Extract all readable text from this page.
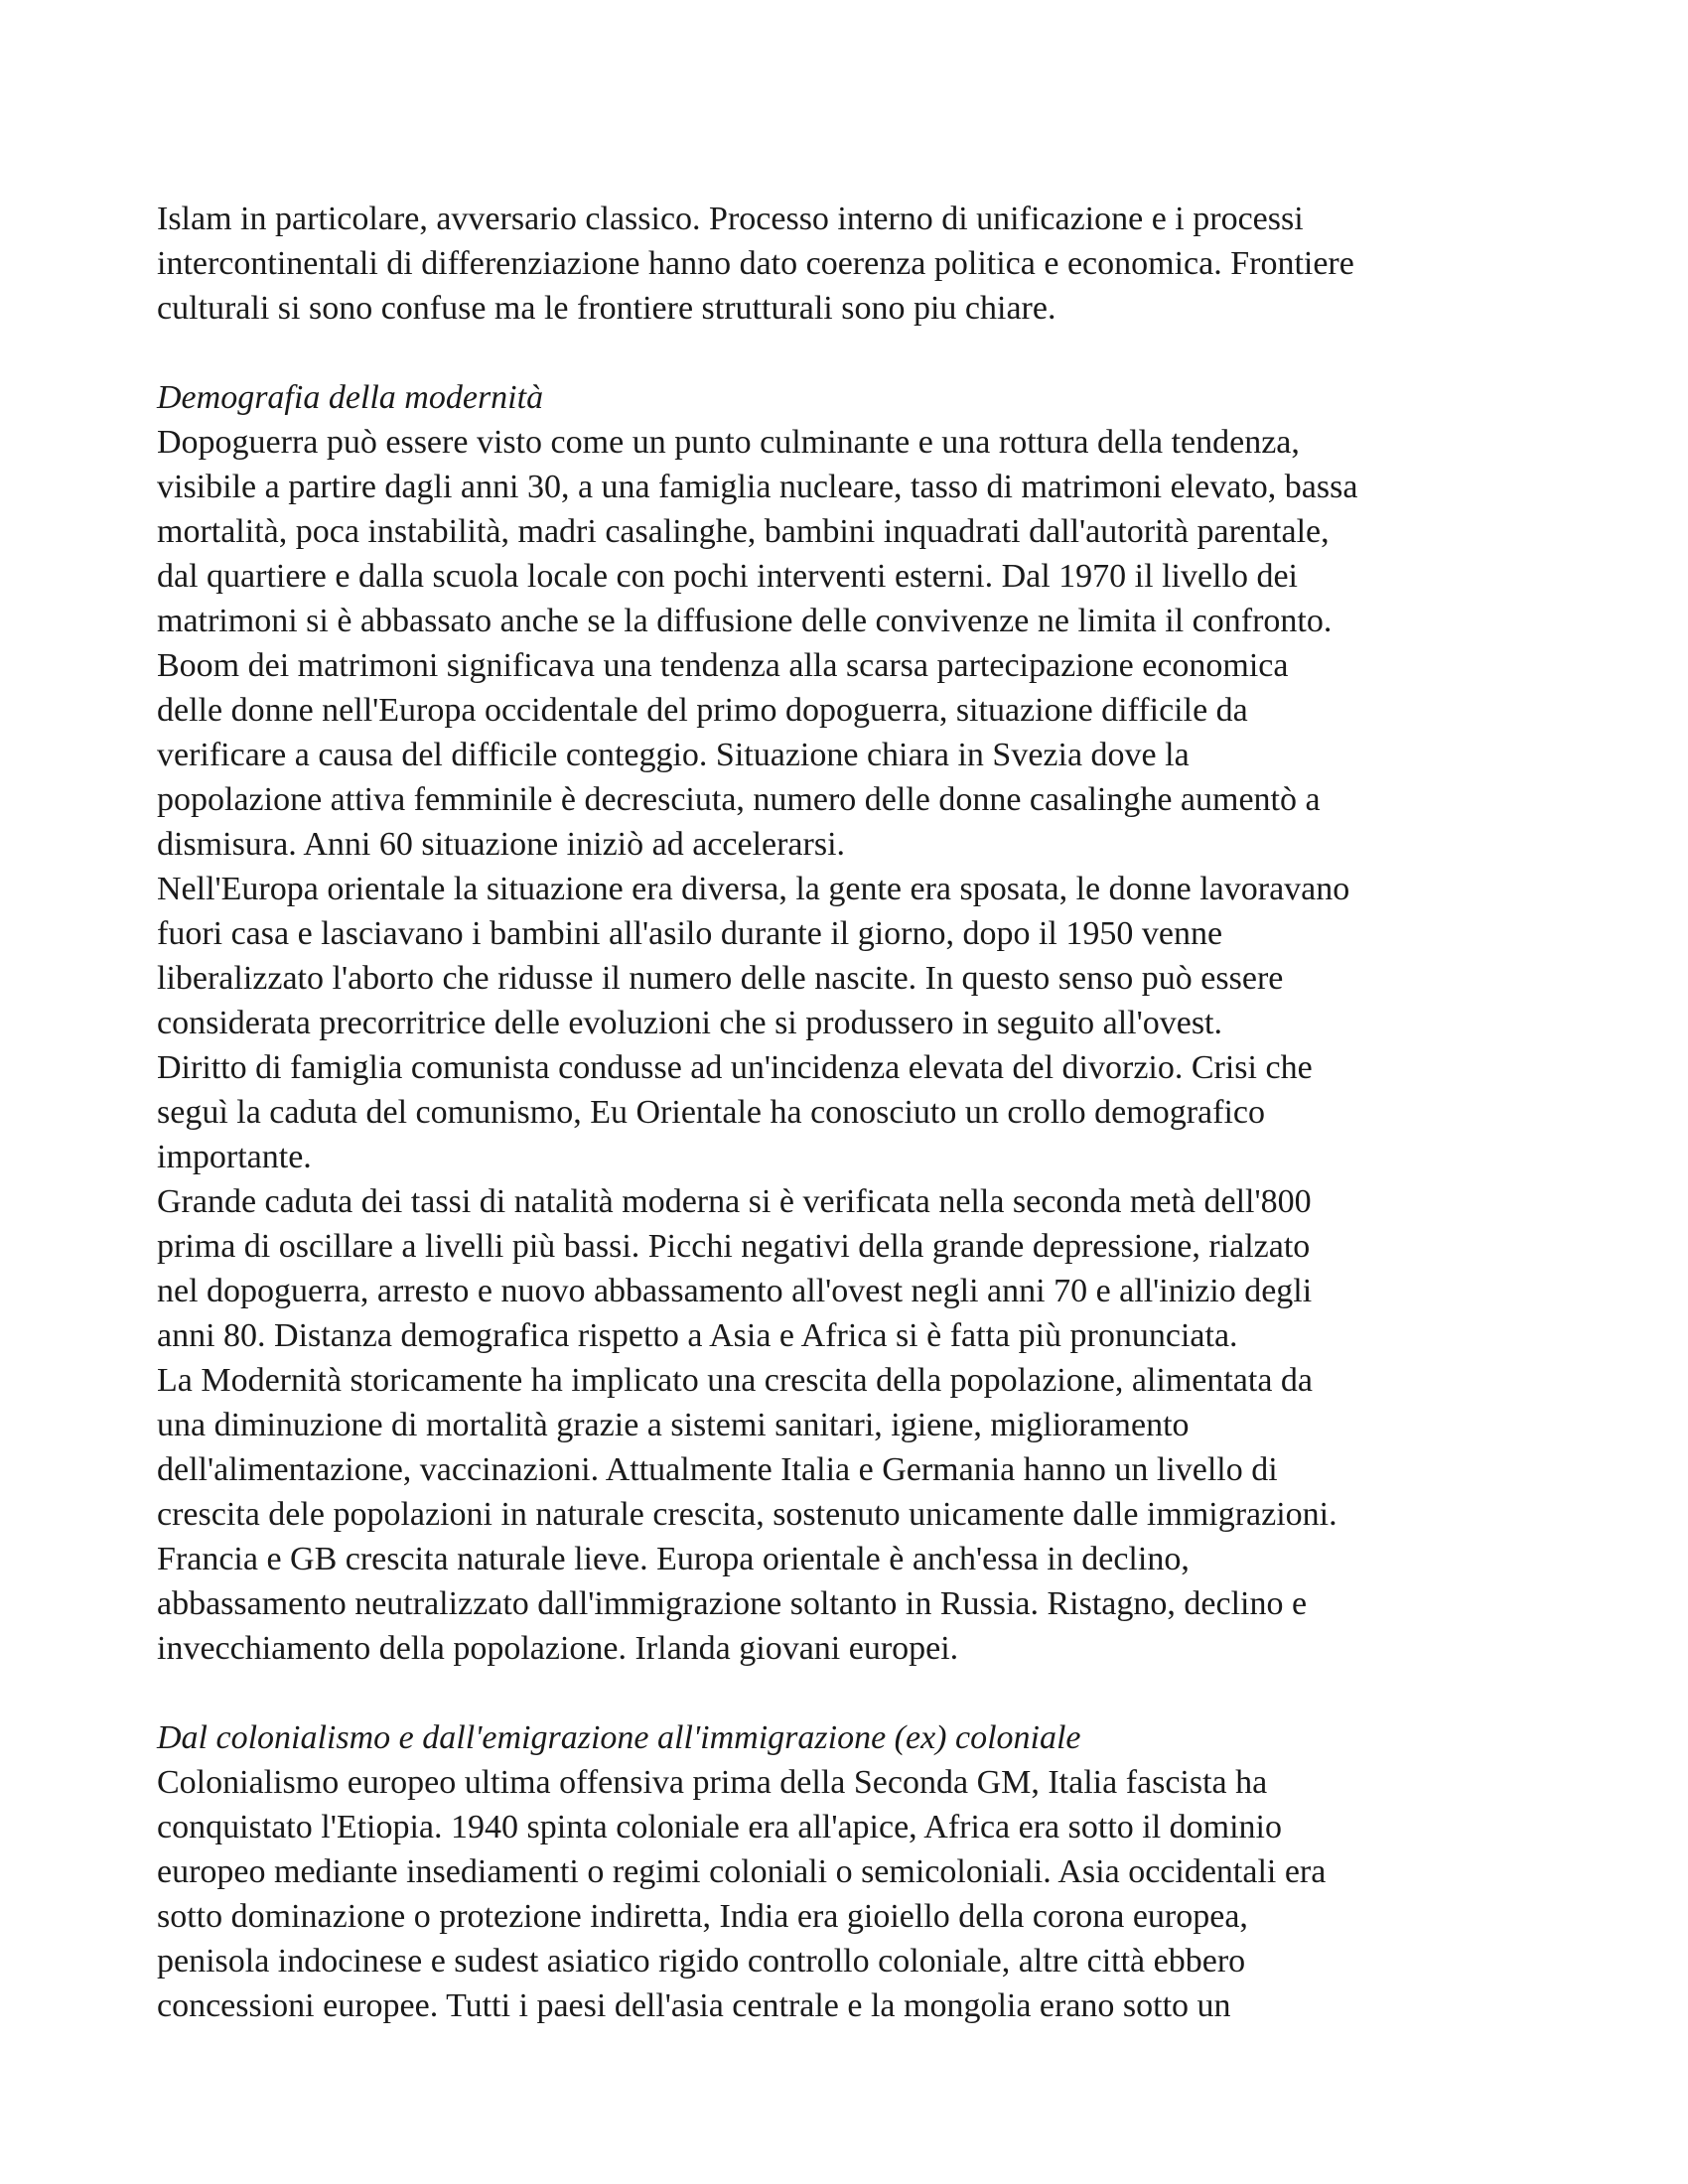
Islam in particolare, avversario classico. Processo interno di unificazione e i processi

intercontinentali di differenziazione hanno dato coerenza politica e economica. Frontiere

culturali si sono confuse ma le frontiere strutturali sono piu chiare.

Demografia della modernità

Dopoguerra può essere visto come un punto culminante e una rottura della tendenza,

visibile a partire dagli anni 30, a una famiglia nucleare, tasso di matrimoni elevato, bassa

mortalità, poca instabilità, madri casalinghe, bambini inquadrati dall'autorità parentale,

dal quartiere e dalla scuola locale con pochi interventi esterni. Dal 1970 il livello dei

matrimoni si è abbassato anche se la diffusione delle convivenze ne limita il confronto.

Boom dei matrimoni significava una tendenza alla scarsa partecipazione economica

delle donne nell'Europa occidentale del primo dopoguerra, situazione difficile da

verificare a causa del difficile conteggio. Situazione chiara in Svezia dove la

popolazione attiva femminile è decresciuta, numero delle donne casalinghe aumentò a

dismisura. Anni 60 situazione iniziò ad accelerarsi.

Nell'Europa orientale la situazione era diversa, la gente era sposata, le donne lavoravano

fuori casa e lasciavano i bambini all'asilo durante il giorno, dopo il 1950 venne

liberalizzato l'aborto che ridusse il numero delle nascite. In questo senso può essere

considerata precorritrice delle evoluzioni che si produssero in seguito all'ovest.

Diritto di famiglia comunista condusse ad un'incidenza elevata del divorzio. Crisi che

seguì la caduta del comunismo, Eu Orientale ha conosciuto un crollo demografico

importante.

Grande caduta dei tassi di natalità moderna si è verificata nella seconda metà dell'800

prima di oscillare a livelli più bassi. Picchi negativi della grande depressione, rialzato

nel dopoguerra, arresto e nuovo abbassamento all'ovest negli anni 70 e all'inizio degli

anni 80. Distanza demografica rispetto a Asia e Africa si è fatta più pronunciata.

La Modernità storicamente ha implicato una crescita della popolazione, alimentata da

una diminuzione di mortalità grazie a sistemi sanitari, igiene, miglioramento

dell'alimentazione, vaccinazioni. Attualmente Italia e Germania hanno un livello di

crescita dele popolazioni in naturale crescita, sostenuto unicamente dalle immigrazioni.

Francia e GB crescita naturale lieve. Europa orientale è anch'essa in declino,

abbassamento neutralizzato dall'immigrazione soltanto in Russia. Ristagno, declino e

invecchiamento della popolazione. Irlanda giovani europei.

Dal colonialismo e dall'emigrazione all'immigrazione (ex) coloniale

Colonialismo europeo ultima offensiva prima della Seconda GM, Italia fascista ha

conquistato l'Etiopia. 1940 spinta coloniale era all'apice, Africa era sotto il dominio

europeo mediante insediamenti o regimi coloniali o semicoloniali. Asia occidentali era

sotto dominazione o protezione indiretta, India era gioiello della corona europea,

penisola indocinese e sudest asiatico rigido controllo coloniale, altre città ebbero

concessioni europee. Tutti i paesi dell'asia centrale e la mongolia erano sotto un
